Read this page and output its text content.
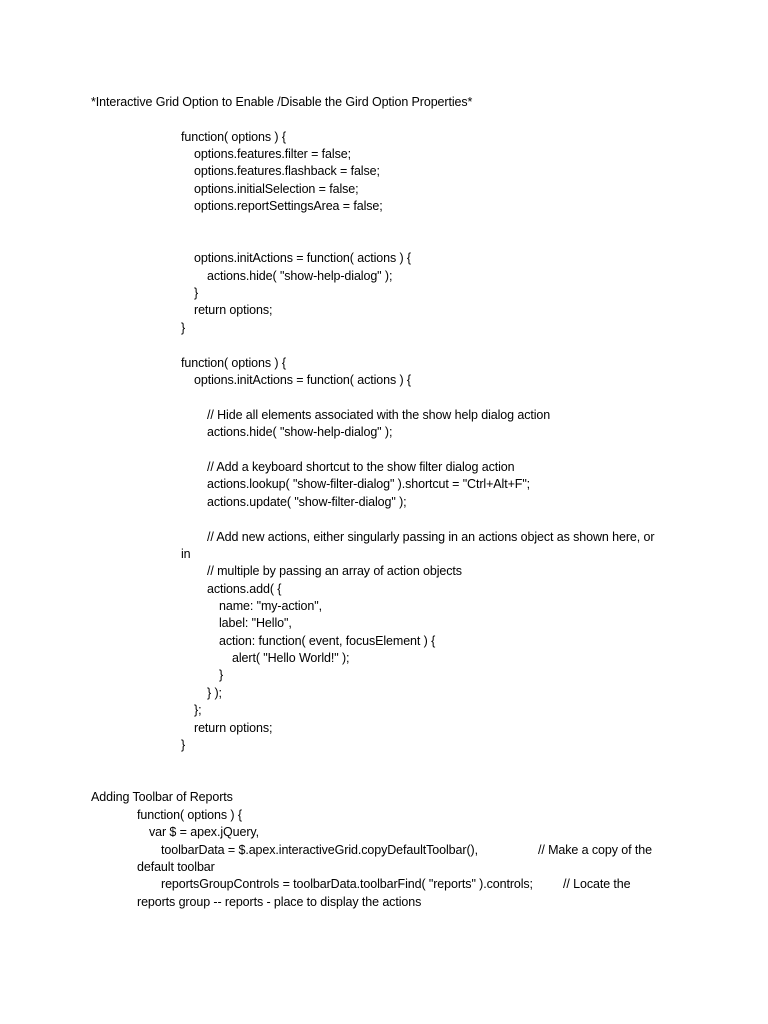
*Interactive Grid Option to Enable /Disable the Gird Option Properties*
function( options ) {
options.features.filter = false;
options.features.flashback = false;
options.initialSelection = false;
options.reportSettingsArea = false;
options.initActions = function( actions ) {
actions.hide( "show-help-dialog" );
}
return options;
}
function( options ) {
options.initActions = function( actions ) {
// Hide all elements associated with the show help dialog action
actions.hide( "show-help-dialog" );
// Add a keyboard shortcut to the show filter dialog action
actions.lookup( "show-filter-dialog" ).shortcut = "Ctrl+Alt+F";
actions.update( "show-filter-dialog" );
// Add new actions, either singularly passing in an actions object as shown here, or
in
// multiple by passing an array of action objects
actions.add( {
name: "my-action",
label: "Hello",
action: function( event, focusElement ) {
alert( "Hello World!" );
}
} );
};
return options;
}
Adding Toolbar of Reports
function( options ) {
var $ = apex.jQuery,
toolbarData = $.apex.interactiveGrid.copyDefaultToolbar(),	// Make a copy of the
default toolbar
reportsGroupControls = toolbarData.toolbarFind( "reports" ).controls; // Locate the
reports group -- reports - place to display the actions
